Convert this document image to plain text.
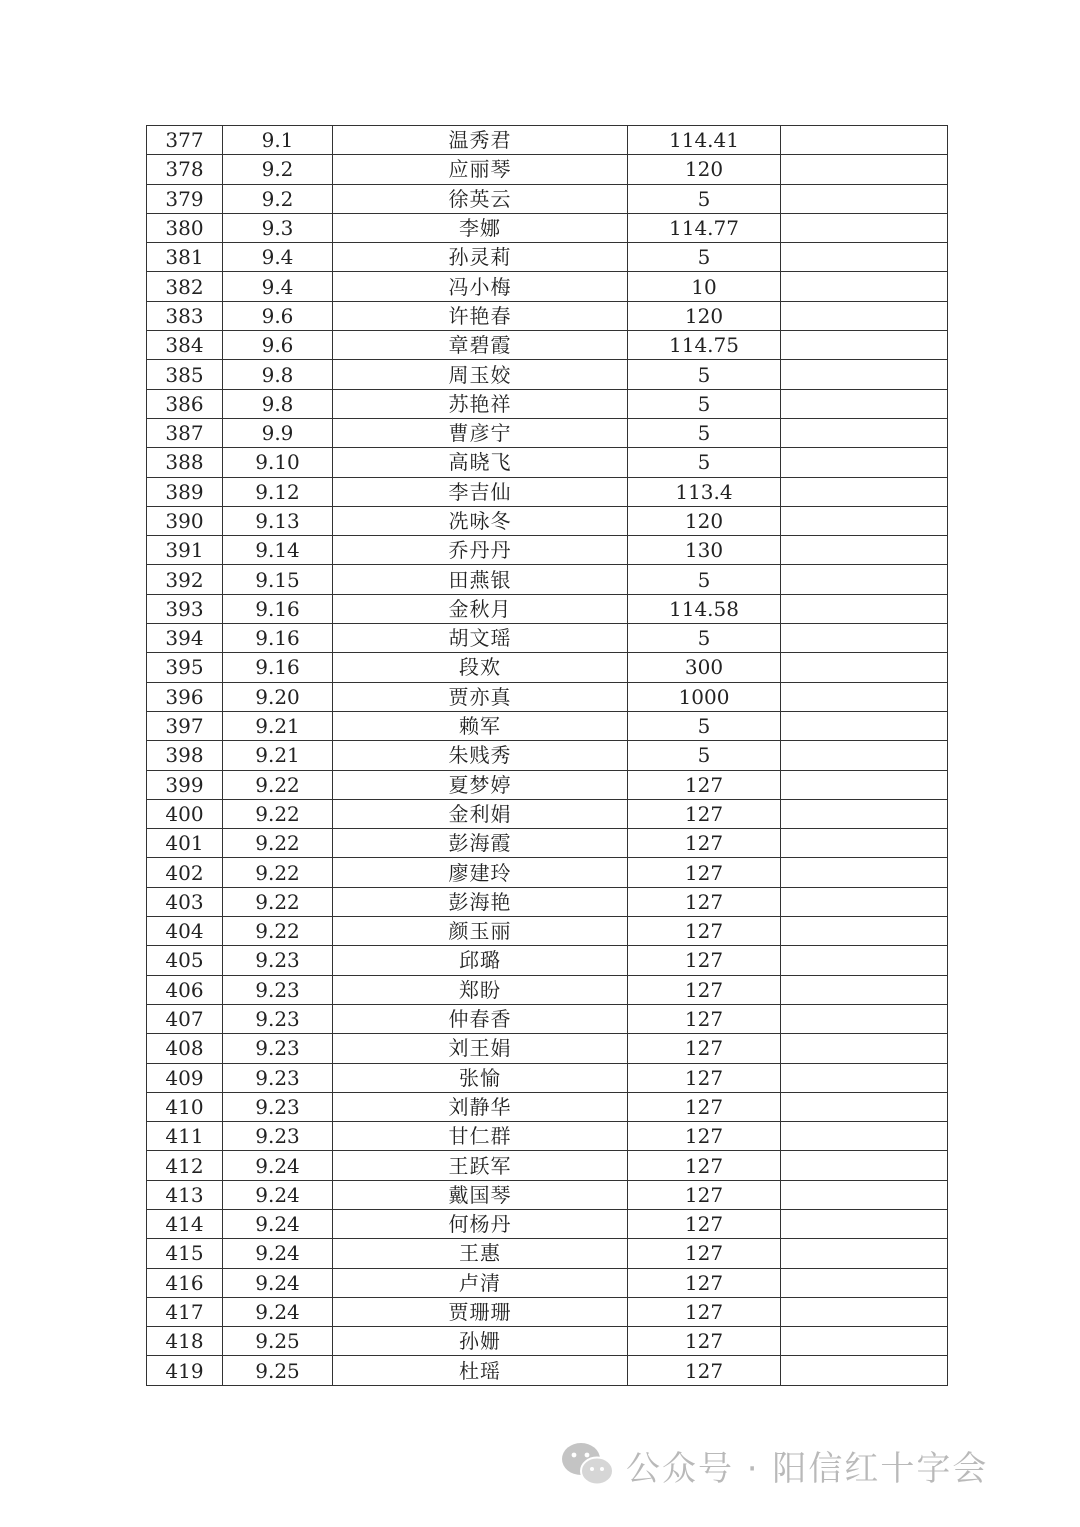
377	9.1	温秀君	114.41	
378	9.2	应丽琴	120	
379	9.2	徐英云	5	
380	9.3	李娜	114.77	
381	9.4	孙灵莉	5	
382	9.4	冯小梅	10	
383	9.6	许艳春	120	
384	9.6	章碧霞	114.75	
385	9.8	周玉姣	5	
386	9.8	苏艳祥	5	
387	9.9	曹彦宁	5	
388	9.10	高晓飞	5	
389	9.12	李吉仙	113.4	
390	9.13	冼咏冬	120	
391	9.14	乔丹丹	130	
392	9.15	田燕银	5	
393	9.16	金秋月	114.58	
394	9.16	胡文瑶	5	
395	9.16	段欢	300	
396	9.20	贾亦真	1000	
397	9.21	赖军	5	
398	9.21	朱贱秀	5	
399	9.22	夏梦婷	127	
400	9.22	金利娟	127	
401	9.22	彭海霞	127	
402	9.22	廖建玲	127	
403	9.22	彭海艳	127	
404	9.22	颜玉丽	127	
405	9.23	邱璐	127	
406	9.23	郑盼	127	
407	9.23	仲春香	127	
408	9.23	刘王娟	127	
409	9.23	张愉	127	
410	9.23	刘静华	127	
411	9.23	甘仁群	127	
412	9.24	王跃军	127	
413	9.24	戴国琴	127	
414	9.24	何杨丹	127	
415	9.24	王惠	127	
416	9.24	卢清	127	
417	9.24	贾珊珊	127	
418	9.25	孙姗	127	
419	9.25	杜瑶	127	
公众号 · 阳信红十字会
